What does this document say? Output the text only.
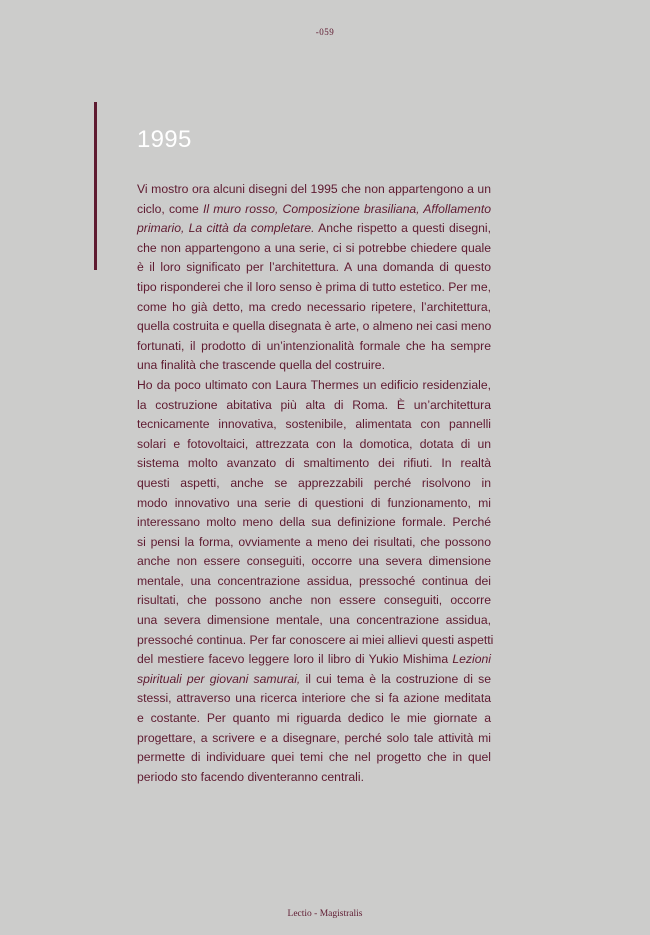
-059
1995

Vi mostro ora alcuni disegni del 1995 che non appartengono a un
ciclo, come Il muro rosso, Composizione brasiliana, Affollamento
primario, La città da completare. Anche rispetto a questi disegni,
che non appartengono a una serie, ci si potrebbe chiedere quale
è il loro significato per l’architettura. A una domanda di questo
tipo risponderei che il loro senso è prima di tutto estetico. Per me,
come ho già detto, ma credo necessario ripetere, l’architettura,
quella costruita e quella disegnata è arte, o almeno nei casi meno
fortunati, il prodotto di un’intenzionalità formale che ha sempre
una finalità che trascende quella del costruire.

Ho da poco ultimato con Laura Thermes un edificio residenziale,
la costruzione abitativa più alta di Roma. È un’architettura
tecnicamente innovativa, sostenibile, alimentata con pannelli
solari e fotovoltaici, attrezzata con la domotica, dotata di un
sistema molto avanzato di smaltimento dei rifiuti. In realtà
questi aspetti, anche se apprezzabili perché risolvono in
modo innovativo una serie di questioni di funzionamento, mi
interessano molto meno della sua definizione formale. Perché
si pensi la forma, ovviamente a meno dei risultati, che possono
anche non essere conseguiti, occorre una severa dimensione
mentale, una concentrazione assidua, pressoché continua dei
risultati, che possono anche non essere conseguiti, occorre
una severa dimensione mentale, una concentrazione assidua,
pressoché continua. Per far conoscere ai miei allievi questi aspetti
del mestiere facevo leggere loro il libro di Yukio Mishima Lezioni
spirituali per giovani samurai, il cui tema è la costruzione di se
stessi, attraverso una ricerca interiore che si fa azione meditata
e costante. Per quanto mi riguarda dedico le mie giornate a
progettare, a scrivere e a disegnare, perché solo tale attività mi
permette di individuare quei temi che nel progetto che in quel
periodo sto facendo diventeranno centrali.

Lectio - Magistralis
